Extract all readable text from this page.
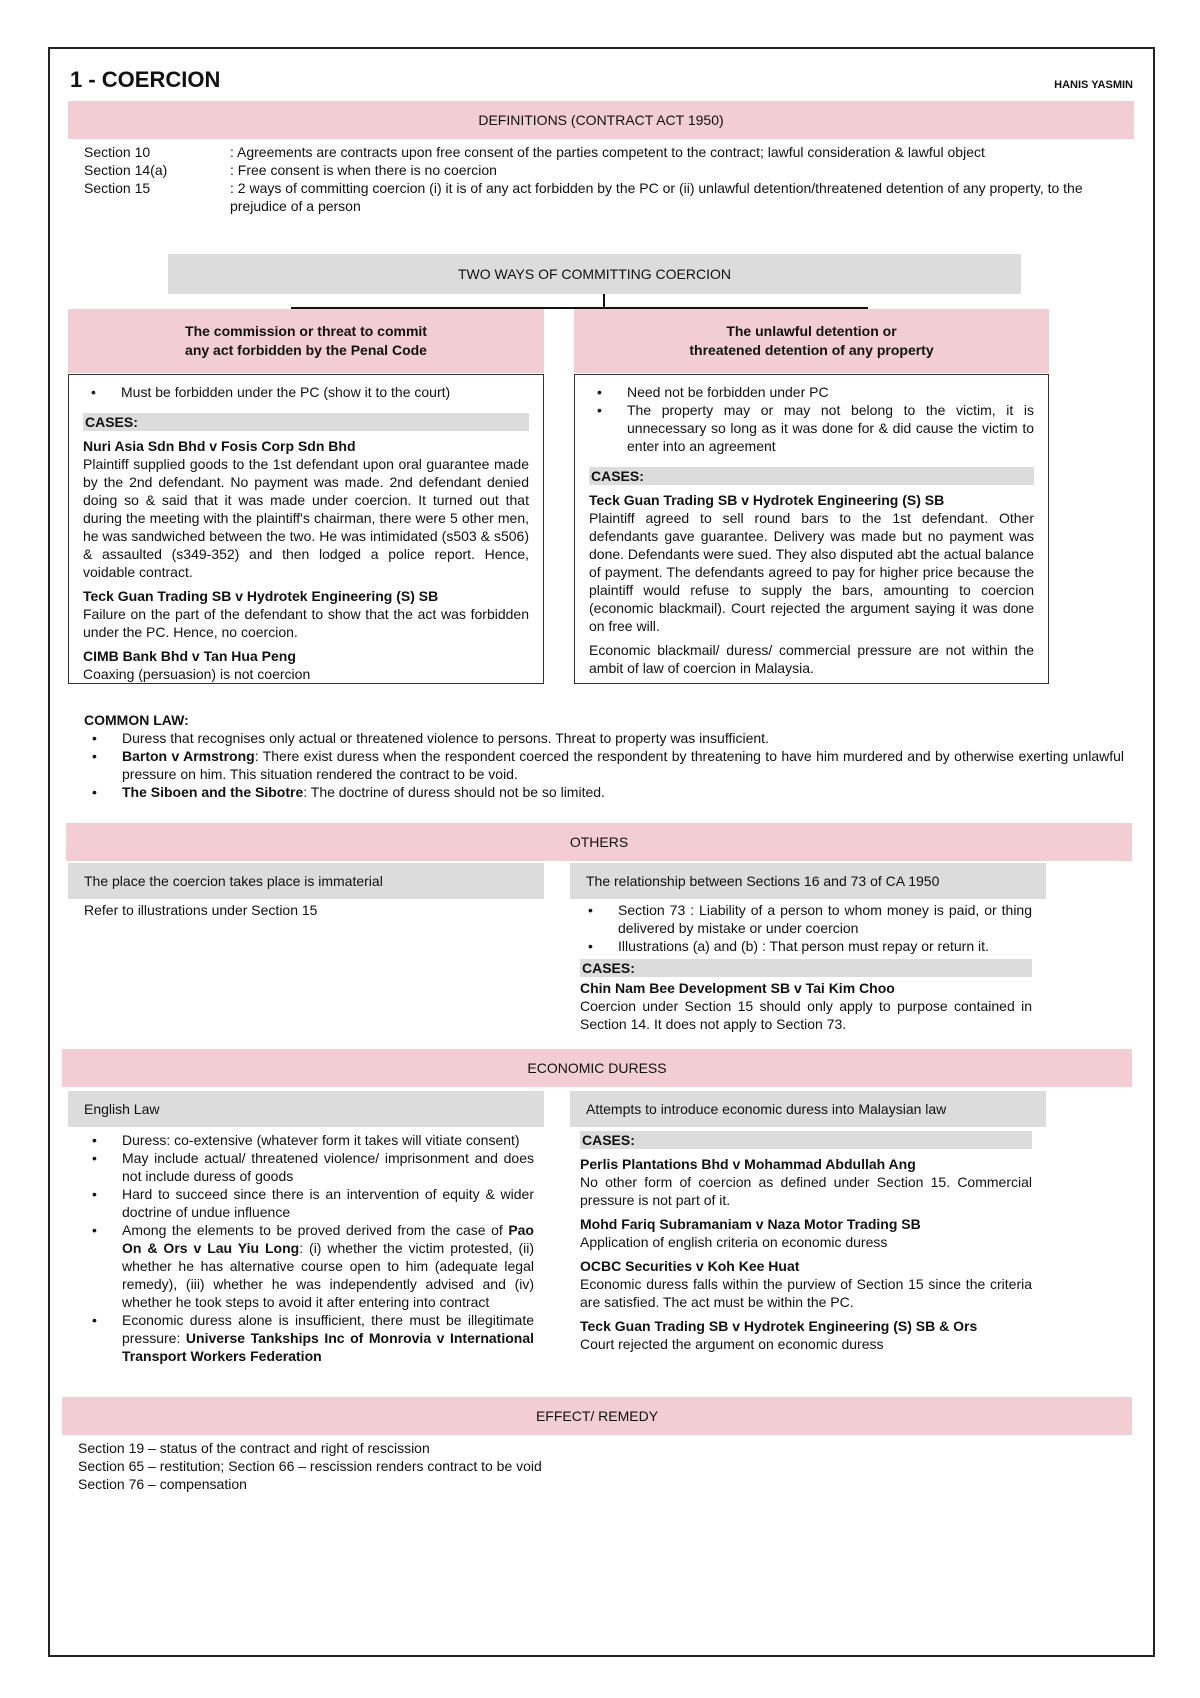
1 - COERCION	HANIS YASMIN
DEFINITIONS (CONTRACT ACT 1950)
Section 10	: Agreements are contracts upon free consent of the parties competent to the contract; lawful consideration & lawful object
Section 14(a)	: Free consent is when there is no coercion
Section 15	: 2 ways of committing coercion (i) it is of any act forbidden by the PC or (ii) unlawful detention/threatened detention of any property, to the prejudice of a person
TWO WAYS OF COMMITTING COERCION
The commission or threat to commit
any act forbidden by the Penal Code
The unlawful detention or
threatened detention of any property
• Must be forbidden under the PC (show it to the court)
CASES:
Nuri Asia Sdn Bhd v Fosis Corp Sdn Bhd
Plaintiff supplied goods to the 1st defendant upon oral guarantee made by the 2nd defendant. No payment was made. 2nd defendant denied doing so & said that it was made under coercion. It turned out that during the meeting with the plaintiff's chairman, there were 5 other men, he was sandwiched between the two. He was intimidated (s503 & s506) & assaulted (s349-352) and then lodged a police report. Hence, voidable contract.
Teck Guan Trading SB v Hydrotek Engineering (S) SB
Failure on the part of the defendant to show that the act was forbidden under the PC. Hence, no coercion.
CIMB Bank Bhd v Tan Hua Peng
Coaxing (persuasion) is not coercion
• Need not be forbidden under PC
• The property may or may not belong to the victim, it is unnecessary so long as it was done for & did cause the victim to enter into an agreement
CASES:
Teck Guan Trading SB v Hydrotek Engineering (S) SB
Plaintiff agreed to sell round bars to the 1st defendant. Other defendants gave guarantee. Delivery was made but no payment was done. Defendants were sued. They also disputed abt the actual balance of payment. The defendants agreed to pay for higher price because the plaintiff would refuse to supply the bars, amounting to coercion (economic blackmail). Court rejected the argument saying it was done on free will.
Economic blackmail/ duress/ commercial pressure are not within the ambit of law of coercion in Malaysia.
COMMON LAW:
• Duress that recognises only actual or threatened violence to persons. Threat to property was insufficient.
• Barton v Armstrong: There exist duress when the respondent coerced the respondent by threatening to have him murdered and by otherwise exerting unlawful pressure on him. This situation rendered the contract to be void.
• The Siboen and the Sibotre: The doctrine of duress should not be so limited.
OTHERS
The place the coercion takes place is immaterial	The relationship between Sections 16 and 73 of CA 1950
Refer to illustrations under Section 15
•	Section 73 : Liability of a person to whom money is paid, or thing delivered by mistake or under coercion
• Illustrations (a) and (b) : That person must repay or return it.
CASES:
Chin Nam Bee Development SB v Tai Kim Choo
Coercion under Section 15 should only apply to purpose contained in Section 14. It does not apply to Section 73.
ECONOMIC DURESS
English Law	Attempts to introduce economic duress into Malaysian law
• Duress: co-extensive (whatever form it takes will vitiate consent)
• May include actual/ threatened violence/ imprisonment and does not include duress of goods
• Hard to succeed since there is an intervention of equity & wider doctrine of undue influence
• Among the elements to be proved derived from the case of Pao On & Ors v Lau Yiu Long: (i) whether the victim protested, (ii) whether he has alternative course open to him (adequate legal remedy), (iii) whether he was independently advised and (iv) whether he took steps to avoid it after entering into contract
• Economic duress alone is insufficient, there must be illegitimate pressure: Universe Tankships Inc of Monrovia v International Transport Workers Federation
CASES:
Perlis Plantations Bhd v Mohammad Abdullah Ang
No other form of coercion as defined under Section 15. Commercial pressure is not part of it.
Mohd Fariq Subramaniam v Naza Motor Trading SB
Application of english criteria on economic duress
OCBC Securities v Koh Kee Huat
Economic duress falls within the purview of Section 15 since the criteria are satisfied. The act must be within the PC.
Teck Guan Trading SB v Hydrotek Engineering (S) SB & Ors
Court rejected the argument on economic duress
EFFECT/ REMEDY
Section 19 – status of the contract and right of rescission
Section 65 – restitution; Section 66 – rescission renders contract to be void
Section 76 – compensation
